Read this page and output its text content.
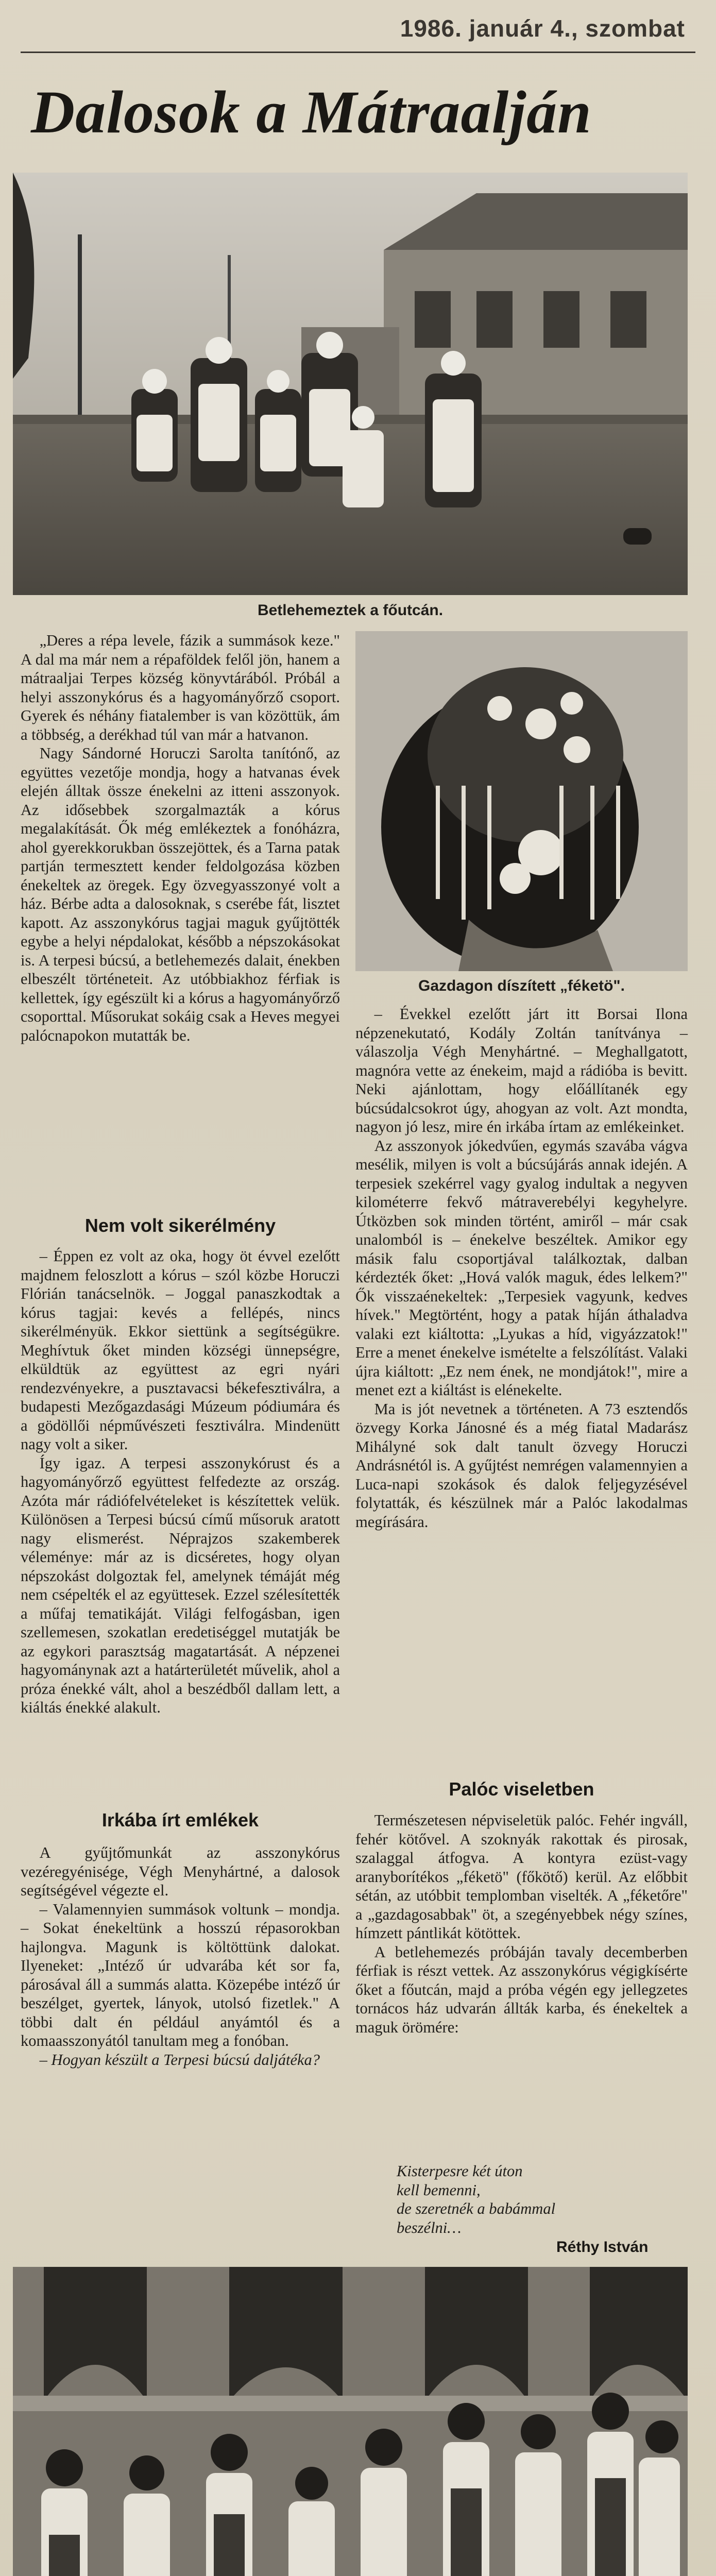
1986. január 4., szombat
Dalosok a Mátraalján
Betlehemeztek a főutcán.

„Deres a répa levele, fázik a summások keze." A dal ma már nem a répaföldek felől jön, hanem a mátraaljai Terpes község könyvtárából. Próbál a helyi asszonykórus és a hagyományőrző csoport. Gyerek és néhány fiatalember is van közöttük, ám a többség, a derékhad túl van már a hatvanon.

Nagy Sándorné Horuczi Sarolta tanítónő, az együttes vezetője mondja, hogy a hatvanas évek elején álltak össze énekelni az itteni asszonyok. Az idősebbek szorgalmazták a kórus megalakítását. Ők még emlékeztek a fonóházra, ahol gyerekkorukban összejöttek, és a Tarna patak partján termesztett kender feldolgozása közben énekeltek az öregek. Egy özvegyasszonyé volt a ház. Bérbe adta a dalosoknak, s cserébe fát, lisztet kapott. Az asszonykórus tagjai maguk gyűjtötték egybe a helyi népdalokat, később a népszokásokat is. A terpesi búcsú, a betlehemezés dalait, énekben elbeszélt történeteit. Az utóbbiakhoz férfiak is kellettek, így egészült ki a kórus a hagyományőrző csoporttal. Műsorukat sokáig csak a Heves megyei palócnapokon mutatták be.

Nem volt sikerélmény

– Éppen ez volt az oka, hogy öt évvel ezelőtt majdnem feloszlott a kórus – szól közbe Horuczi Flórián tanácselnök. – Joggal panaszkodtak a kórus tagjai: kevés a fellépés, nincs sikerélményük. Ekkor siettünk a segítségükre. Meghívtuk őket minden községi ünnepségre, elküldtük az együttest az egri nyári rendezvényekre, a pusztavacsi békefesztiválra, a budapesti Mezőgazdasági Múzeum pódiumára és a gödöllői népművészeti fesztiválra. Mindenütt nagy volt a siker.

Így igaz. A terpesi asszonykórust és a hagyományőrző együttest felfedezte az ország. Azóta már rádiófelvételeket is készítettek velük. Különösen a Terpesi búcsú című műsoruk aratott nagy elismerést. Néprajzos szakemberek véleménye: már az is dicséretes, hogy olyan népszokást dolgoztak fel, amelynek témáját még nem csépelték el az együttesek. Ezzel szélesítették a műfaj tematikáját. Világi felfogásban, igen szellemesen, szokatlan eredetiséggel mutatják be az egykori parasztság magatartását. A népzenei hagyománynak azt a határterületét művelik, ahol a próza énekké vált, ahol a beszédből dallam lett, a kiáltás énekké alakult.

Irkába írt emlékek

A gyűjtőmunkát az asszonykórus vezéregyénisége, Végh Menyhártné, a dalosok segítségével végezte el.

– Valamennyien summások voltunk – mondja. – Sokat énekeltünk a hosszú répasorokban hajlongva. Magunk is költöttünk dalokat. Ilyeneket: „Intéző úr udvarába két sor fa, párosával áll a summás alatta. Közepébe intéző úr beszélget, gyertek, lányok, utolsó fizetlek." A többi dalt én például anyámtól és a komaasszonyától tanultam meg a fonóban.

– Hogyan készült a Terpesi búcsú daljátéka?

Gazdagon díszített „féketö".

– Évekkel ezelőtt járt itt Borsai Ilona népzenekutató, Kodály Zoltán tanítványa – válaszolja Végh Menyhártné. – Meghallgatott, magnóra vette az énekeim, majd a rádióba is bevitt. Neki ajánlottam, hogy előállítanék egy búcsúdalcsokrot úgy, ahogyan az volt. Azt mondta, nagyon jó lesz, mire én irkába írtam az emlékeinket.

Az asszonyok jókedvűen, egymás szavába vágva mesélik, milyen is volt a búcsújárás annak idején. A terpesiek szekérrel vagy gyalog indultak a negyven kilométerre fekvő mátraverebélyi kegyhelyre. Útközben sok minden történt, amiről – már csak unalomból is – énekelve beszéltek. Amikor egy másik falu csoportjával találkoztak, dalban kérdezték őket: „Hová valók maguk, édes lelkem?" Ők visszaénekeltek: „Terpesiek vagyunk, kedves hívek." Megtörtént, hogy a patak híján áthaladva valaki ezt kiáltotta: „Lyukas a híd, vigyázzatok!" Erre a menet énekelve ismételte a felszólítást. Valaki újra kiáltott: „Ez nem ének, ne mondjátok!", mire a menet ezt a kiáltást is elénekelte.

Ma is jót nevetnek a történeten. A 73 esztendős özvegy Korka Jánosné és a még fiatal Madarász Mihályné sok dalt tanult özvegy Horuczi Andrásnétól is. A gyűjtést nemrégen valamennyien a Luca-napi szokások és dalok feljegyzésével folytatták, és készülnek már a Palóc lakodalmas megírására.

Palóc viseletben

Természetesen népviseletük palóc. Fehér ingváll, fehér kötővel. A szoknyák rakottak és pirosak, szalaggal átfogva. A kontyra ezüst-vagy aranyborítékos „féketö" (főkötő) kerül. Az előbbit sétán, az utóbbit templomban viselték. A „féketőre" a „gazdagosabbak" öt, a szegényebbek négy színes, hímzett pántlikát kötöttek.

A betlehemezés próbáján tavaly decemberben férfiak is részt vettek. Az asszonykórus végigkísérte őket a főutcán, majd a próba végén egy jellegzetes tornácos ház udvarán állták karba, és énekeltek a maguk örömére:

Kisterpesre két úton
kell bemenni,
de szeretnék a babámmal
beszélni…
Réthy István
